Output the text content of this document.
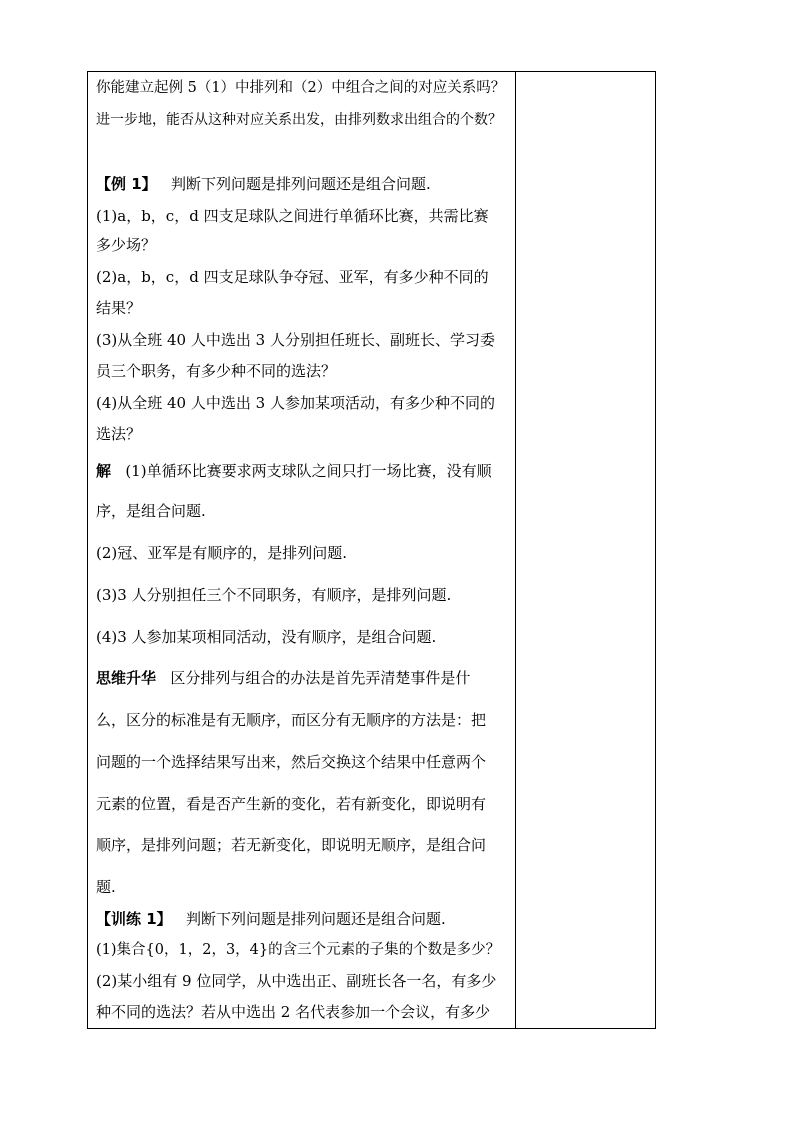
你能建立起例 5（1）中排列和（2）中组合之间的对应关系吗？
进一步地，能否从这种对应关系出发，由排列数求出组合的个数？
【例 1】 判断下列问题是排列问题还是组合问题.
(1)a，b，c，d 四支足球队之间进行单循环比赛，共需比赛
多少场？
(2)a，b，c，d 四支足球队争夺冠、亚军，有多少种不同的
结果？
(3)从全班 40 人中选出 3 人分别担任班长、副班长、学习委
员三个职务，有多少种不同的选法？
(4)从全班 40 人中选出 3 人参加某项活动，有多少种不同的
选法？
解 (1)单循环比赛要求两支球队之间只打一场比赛，没有顺
序，是组合问题.
(2)冠、亚军是有顺序的，是排列问题.
(3)3 人分别担任三个不同职务，有顺序，是排列问题.
(4)3 人参加某项相同活动，没有顺序，是组合问题.
思维升华 区分排列与组合的办法是首先弄清楚事件是什
么，区分的标准是有无顺序，而区分有无顺序的方法是：把
问题的一个选择结果写出来，然后交换这个结果中任意两个
元素的位置，看是否产生新的变化，若有新变化，即说明有
顺序，是排列问题；若无新变化，即说明无顺序，是组合问
题.
【训练 1】 判断下列问题是排列问题还是组合问题.
(1)集合{0，1，2，3，4}的含三个元素的子集的个数是多少？
(2)某小组有 9 位同学，从中选出正、副班长各一名，有多少
种不同的选法？若从中选出 2 名代表参加一个会议，有多少
